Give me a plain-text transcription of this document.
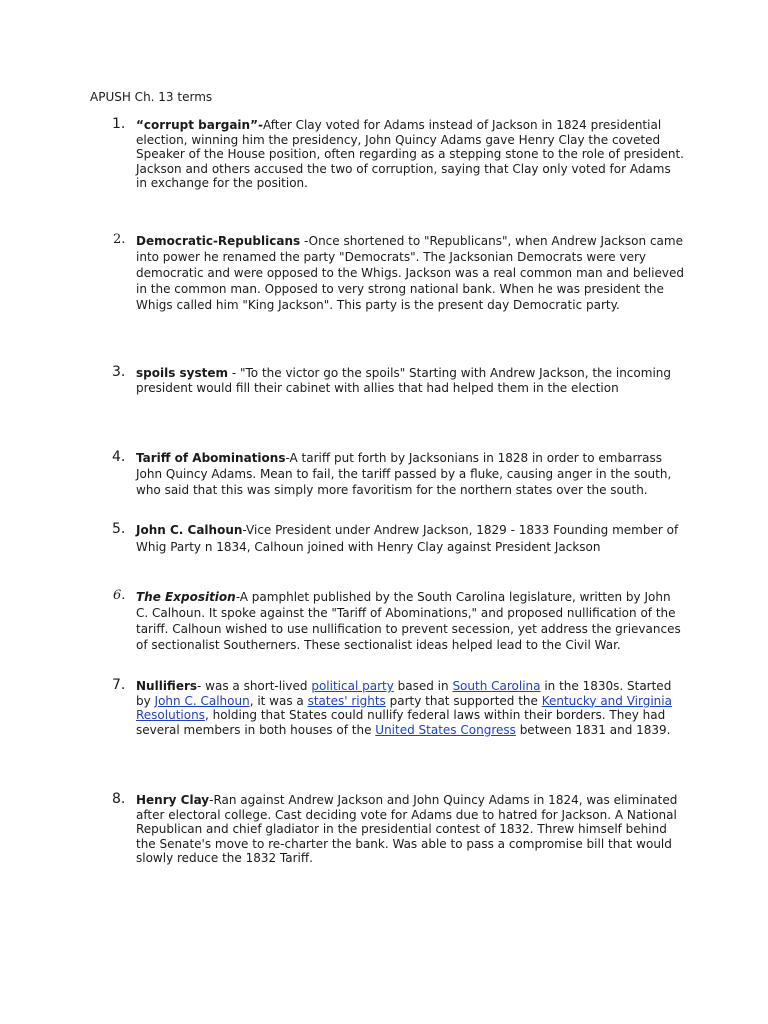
APUSH Ch. 13 terms
1. “corrupt bargain”-After Clay voted for Adams instead of Jackson in 1824 presidential election, winning him the presidency, John Quincy Adams gave Henry Clay the coveted Speaker of the House position, often regarding as a stepping stone to the role of president. Jackson and others accused the two of corruption, saying that Clay only voted for Adams in exchange for the position.
2. Democratic-Republicans -Once shortened to "Republicans", when Andrew Jackson came into power he renamed the party "Democrats". The Jacksonian Democrats were very democratic and were opposed to the Whigs. Jackson was a real common man and believed in the common man. Opposed to very strong national bank. When he was president the Whigs called him "King Jackson". This party is the present day Democratic party.
3. spoils system - "To the victor go the spoils" Starting with Andrew Jackson, the incoming president would fill their cabinet with allies that had helped them in the election
4. Tariff of Abominations-A tariff put forth by Jacksonians in 1828 in order to embarrass John Quincy Adams. Mean to fail, the tariff passed by a fluke, causing anger in the south, who said that this was simply more favoritism for the northern states over the south.
5. John C. Calhoun-Vice President under Andrew Jackson, 1829 - 1833 Founding member of Whig Party n 1834, Calhoun joined with Henry Clay against President Jackson
6. The Exposition-A pamphlet published by the South Carolina legislature, written by John C. Calhoun. It spoke against the "Tariff of Abominations," and proposed nullification of the tariff. Calhoun wished to use nullification to prevent secession, yet address the grievances of sectionalist Southerners. These sectionalist ideas helped lead to the Civil War.
7. Nullifiers- was a short-lived political party based in South Carolina in the 1830s. Started by John C. Calhoun, it was a states' rights party that supported the Kentucky and Virginia Resolutions, holding that States could nullify federal laws within their borders. They had several members in both houses of the United States Congress between 1831 and 1839.
8. Henry Clay-Ran against Andrew Jackson and John Quincy Adams in 1824, was eliminated after electoral college. Cast deciding vote for Adams due to hatred for Jackson. A National Republican and chief gladiator in the presidential contest of 1832. Threw himself behind the Senate's move to re-charter the bank. Was able to pass a compromise bill that would slowly reduce the 1832 Tariff.
